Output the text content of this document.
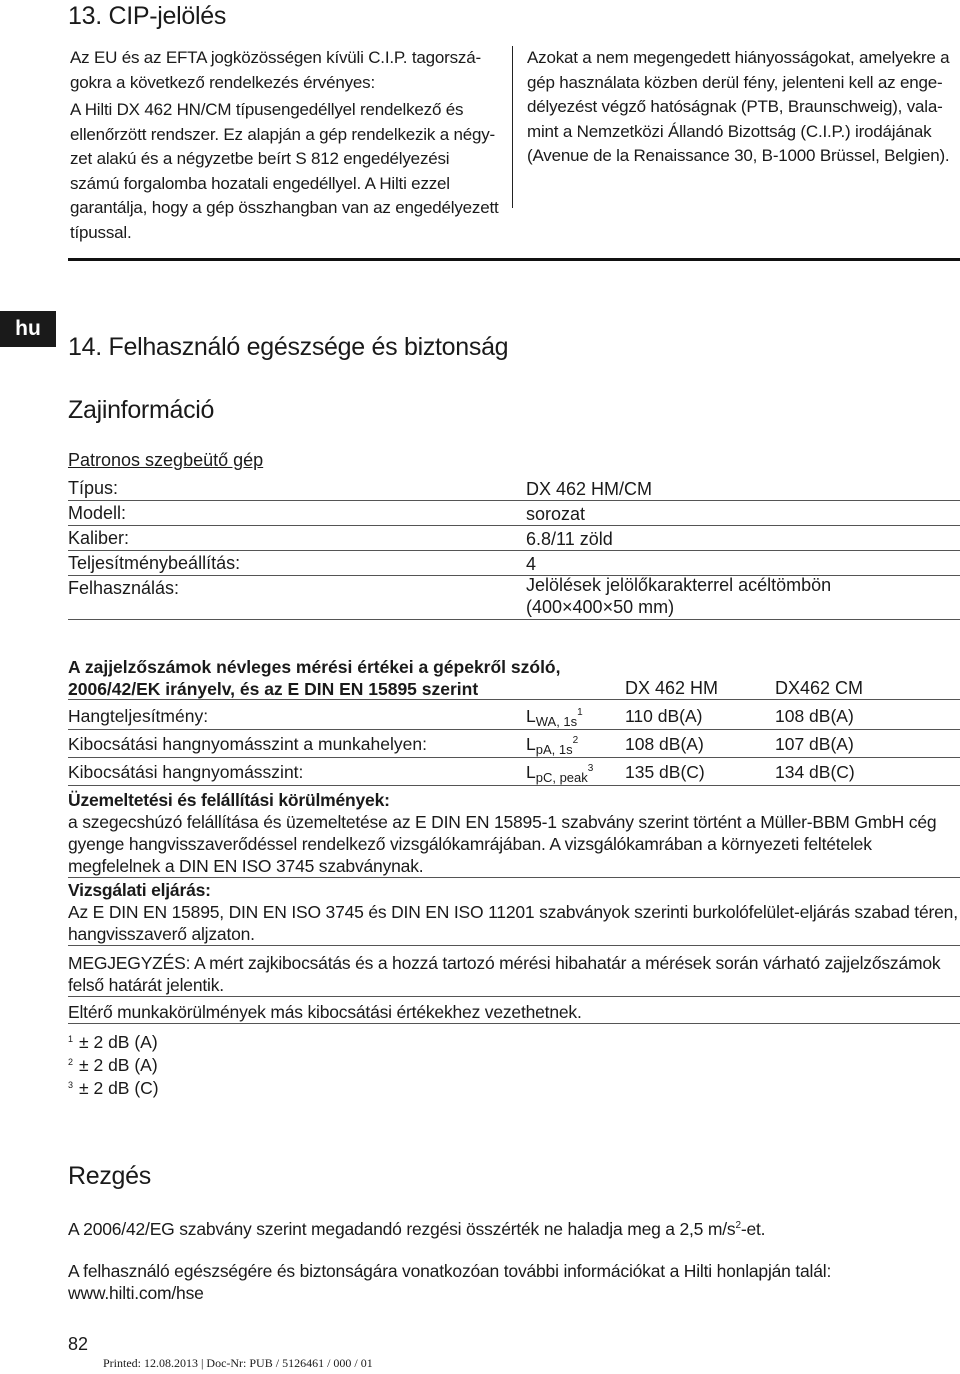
13. CIP-jelölés

Az EU és az EFTA jogközösségen kívüli C.I.P. tagországokra a következő rendelkezés érvényes:

A Hilti DX 462 HN/CM típusengedéllyel rendelkező és ellenőrzött rendszer. Ez alapján a gép rendelkezik a négyzet alakú és a négyzetbe beírt S 812 engedélyezési számú forgalomba hozatali engedéllyel. A Hilti ezzel garantálja, hogy a gép összhangban van az engedélyezett típussal.

Azokat a nem megengedett hiányosságokat, amelyekre a gép használata közben derül fény, jelenteni kell az engedélyezést végző hatóságnak (PTB, Braunschweig), valamint a Nemzetközi Állandó Bizottság (C.I.P.) irodájának (Avenue de la Renaissance 30, B-1000 Brüssel, Belgien).
hu
14. Felhasználó egészsége és biztonság
Zajinformáció
Patronos szegbeütő gép
Típus:	DX 462 HM/CM
Modell:	sorozat
Kaliber:	6.8/11 zöld
Teljesítménybeállítás:	4
Felhasználás:	Jelölések jelölőkarakterrel acéltömbön
(400×400×50 mm)
A zajjelzőszámok névleges mérési értékei a gépekről szóló,
2006/42/EK irányelv, és az E DIN EN 15895 szerint	DX 462 HM	DX462 CM
Hangteljesítmény:	$L_{WA, 1s}^1$ 110 dB(A)	108 dB(A)
Kibocsátási hangnyomásszint a munkahelyen:	$L_{pA, 1s}^2$	108 dB(A)	107 dB(A)
Kibocsátási hangnyomásszint:	$L_{pC, peak}^3$ 135 dB(C)	134 dB(C)
Üzemeltetési és felállítási körülmények:
a szegecshúzó felállítása és üzemeltetése az E DIN EN 15895-1 szabvány szerint történt a Müller-BBM GmbH cég gyenge hangvisszaverődéssel rendelkező vizsgálókamrájában. A vizsgálókamrában a környezeti feltételek megfelelnek a DIN EN ISO 3745 szabványnak.
Vizsgálati eljárás:
Az E DIN EN 15895, DIN EN ISO 3745 és DIN EN ISO 11201 szabványok szerinti burkolófelület-eljárás szabad téren, hangvisszaverő aljzaton.
MEGJEGYZÉS: A mért zajkibocsátás és a hozzá tartozó mérési hibahatár a mérések során várható zajjelzőszámok felső határát jelentik.
Eltérő munkakörülmények más kibocsátási értékekhez vezethetnek.
$^1$ ± 2 dB (A)
$^2$ ± 2 dB (A)
$^3$ ± 2 dB (C)
Rezgés
A 2006/42/EG szabvány szerint megadandó rezgési összérték ne haladja meg a 2,5 $m/s^2-et$.
A felhasználó egészségére és biztonságára vonatkozóan további információkat a Hilti honlapján talál:
www.hilti.com/hse
82
Printed: 12.08.2013 | Doc-Nr: PUB / 5126461 / 000 / 01
